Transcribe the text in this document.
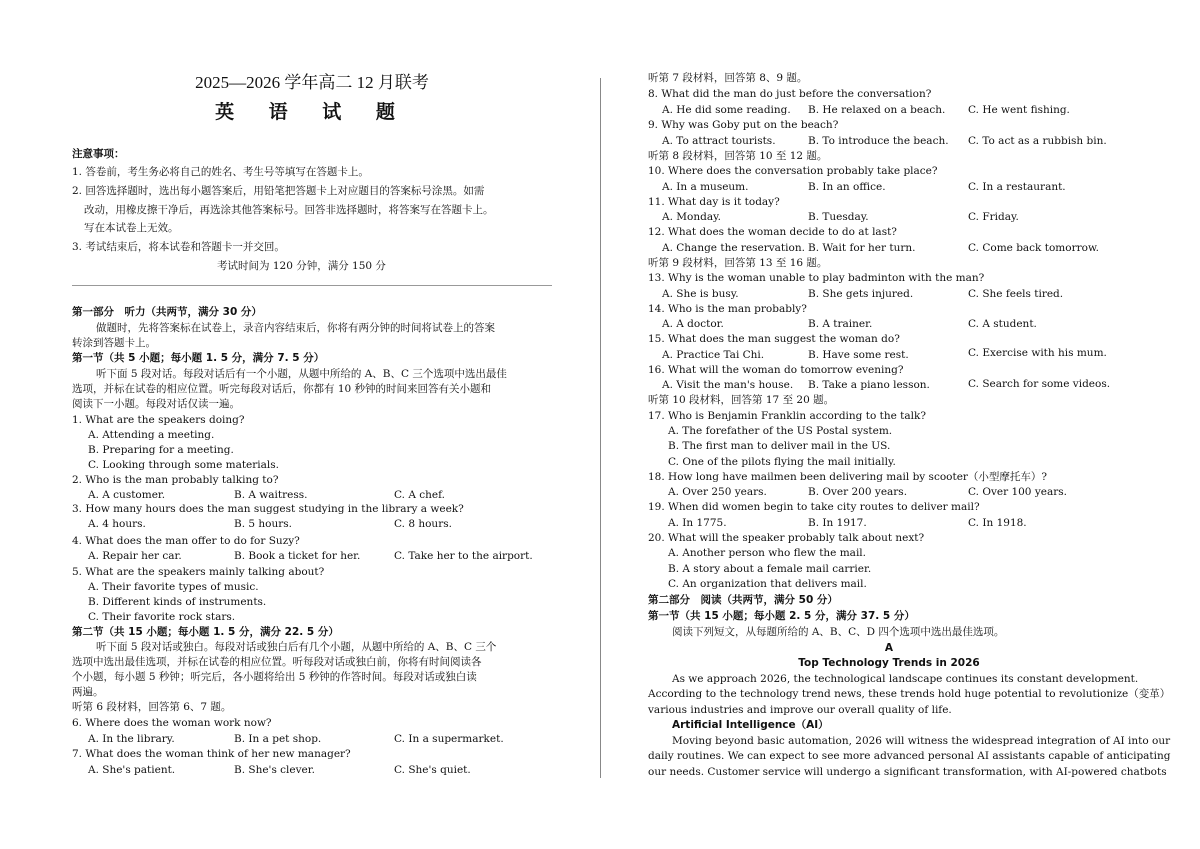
2025—2026 学年高二 12 月联考
英 语 试 题
注意事项：
1. 答卷前，考生务必将自己的姓名、考生号等填写在答题卡上。
2. 回答选择题时，选出每小题答案后，用铅笔把答题卡上对应题目的答案标号涂黑。如需
改动，用橡皮擦干净后，再选涂其他答案标号。回答非选择题时，将答案写在答题卡上。
写在本试卷上无效。
3. 考试结束后，将本试卷和答题卡一并交回。
考试时间为 120 分钟，满分 150 分
第一部分　听力（共两节，满分 30 分）
做题时，先将答案标在试卷上，录音内容结束后，你将有两分钟的时间将试卷上的答案
转涂到答题卡上。
第一节（共 5 小题；每小题 1. 5 分，满分 7. 5 分）
听下面 5 段对话。每段对话后有一个小题，从题中所给的 A、B、C 三个选项中选出最佳
选项，并标在试卷的相应位置。听完每段对话后，你都有 10 秒钟的时间来回答有关小题和
阅读下一小题。每段对话仅读一遍。
1. What are the speakers doing?
A. Attending a meeting.
B. Preparing for a meeting.
C. Looking through some materials.
2. Who is the man probably talking to?
A. A customer.	B. A waitress.	C. A chef.
3. How many hours does the man suggest studying in the library a week?
A. 4 hours.	B. 5 hours.	C. 8 hours.
4. What does the man offer to do for Suzy?
A. Repair her car.	B. Book a ticket for her.	C. Take her to the airport.
5. What are the speakers mainly talking about?
A. Their favorite types of music.
B. Different kinds of instruments.
C. Their favorite rock stars.
第二节（共 15 小题；每小题 1. 5 分，满分 22. 5 分）
听下面 5 段对话或独白。每段对话或独白后有几个小题，从题中所给的 A、B、C 三个
选项中选出最佳选项，并标在试卷的相应位置。听每段对话或独白前，你将有时间阅读各
个小题，每小题 5 秒钟；听完后，各小题将给出 5 秒钟的作答时间。每段对话或独白读
两遍。
听第 6 段材料，回答第 6、7 题。
6. Where does the woman work now?
A. In the library.	B. In a pet shop.	C. In a supermarket.
7. What does the woman think of her new manager?
A. She's patient.	B. She's clever.	C. She's quiet.
听第 7 段材料，回答第 8、9 题。
8. What did the man do just before the conversation?
A. He did some reading. B. He relaxed on a beach. C. He went fishing.
9. Why was Goby put on the beach?
A. To attract tourists.	B. To introduce the beach. C. To act as a rubbish bin.
听第 8 段材料，回答第 10 至 12 题。
10. Where does the conversation probably take place?
A. In a museum.	B. In an office.	C. In a restaurant.
11. What day is it today?
A. Monday.	B. Tuesday.	C. Friday.
12. What does the woman decide to do at last?
A. Change the reservation. B. Wait for her turn.	C. Come back tomorrow.
听第 9 段材料，回答第 13 至 16 题。
13. Why is the woman unable to play badminton with the man?
A. She is busy.	B. She gets injured.	C. She feels tired.
14. Who is the man probably?
A. A doctor.	B. A trainer.	C. A student.
15. What does the man suggest the woman do?
A. Practice Tai Chi.	B. Have some rest.	C. Exercise with his mum.
16. What will the woman do tomorrow evening?
A. Visit the man's house. B. Take a piano lesson.	C. Search for some videos.
听第 10 段材料，回答第 17 至 20 题。
17. Who is Benjamin Franklin according to the talk?
A. The forefather of the US Postal system.
B. The first man to deliver mail in the US.
C. One of the pilots flying the mail initially.
18. How long have mailmen been delivering mail by scooter（小型摩托车）?
A. Over 250 years.	B. Over 200 years.	C. Over 100 years.
19. When did women begin to take city routes to deliver mail?
A. In 1775.	B. In 1917.	C. In 1918.
20. What will the speaker probably talk about next?
A. Another person who flew the mail.
B. A story about a female mail carrier.
C. An organization that delivers mail.
第二部分　阅读（共两节，满分 50 分）
第一节（共 15 小题；每小题 2. 5 分，满分 37. 5 分）
阅读下列短文，从每题所给的 A、B、C、D 四个选项中选出最佳选项。
A
Top Technology Trends in 2026
As we approach 2026, the technological landscape continues its constant development.
According to the technology trend news, these trends hold huge potential to revolutionize（变革）
various industries and improve our overall quality of life.
Artificial Intelligence（AI）
Moving beyond basic automation, 2026 will witness the widespread integration of AI into our
daily routines. We can expect to see more advanced personal AI assistants capable of anticipating
our needs. Customer service will undergo a significant transformation, with AI-powered chatbots
